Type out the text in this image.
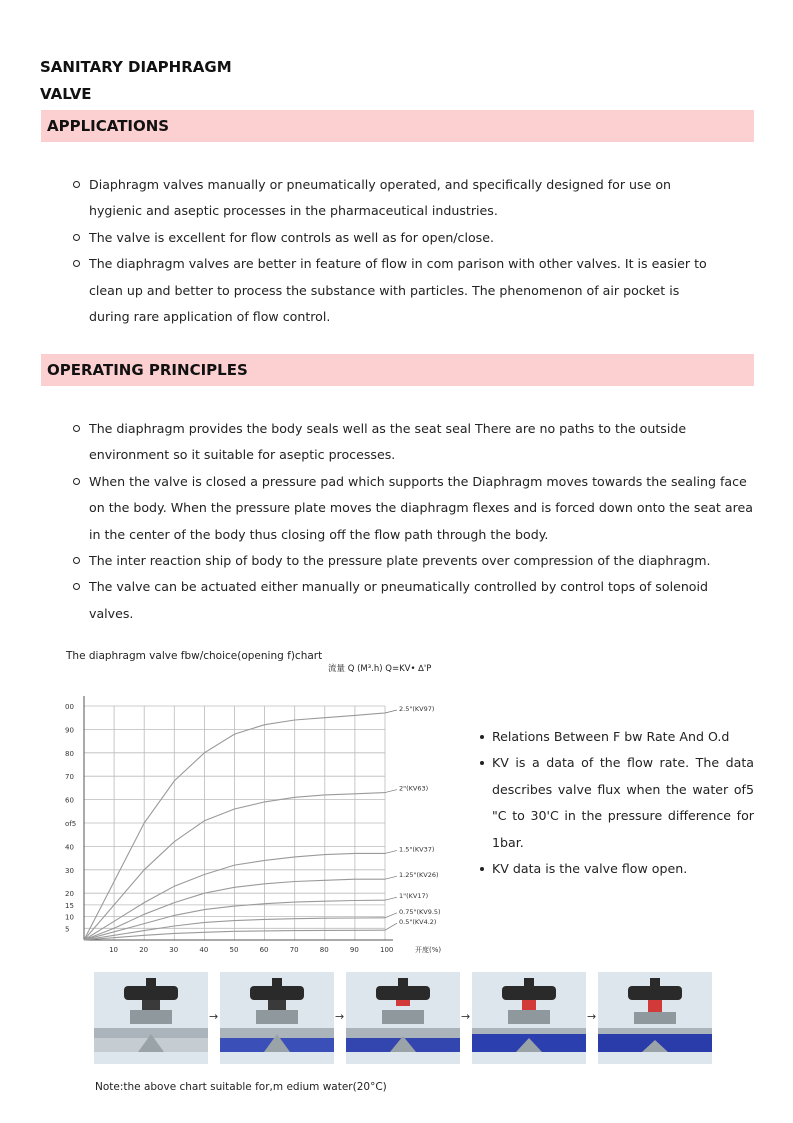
SANITARY DIAPHRAGM
VALVE
APPLICATIONS
Diaphragm valves manually or pneumatically operated, and specifically designed for use on hygienic and aseptic processes in the pharmaceutical industries.
The valve is excellent for flow controls as well as for open/close.
The diaphragm valves are better in feature of flow in com parison with other valves. It is easier to clean up and better to process the substance with particles. The phenomenon of air pocket is during rare application of flow control.
OPERATING PRINCIPLES
The diaphragm provides the body seals well as the seat seal There are no paths to the outside environment so it suitable for aseptic processes.
When the valve is closed a pressure pad which supports the Diaphragm moves towards the sealing face on the body. When the pressure plate moves the diaphragm flexes and is forced down onto the seat area in the center of the body thus closing off the flow path through the body.
The inter reaction ship of body to the pressure plate prevents over compression of the diaphragm.
The valve can be actuated either manually or pneumatically controlled by control tops of solenoid valves.
The diaphragm valve fbw/choice(opening f)chart
流量 Q (M³.h) Q=KV• ∆'P
00
90
80
70
60
of5
40
30
20
15
10
5
10	20	30	40	50	60	70	80	90	100	开度(%)
2.5"(KV97)
2"(KV63)
1.5"(KV37)
1.25"(KV26)
1"(KV17)
0.75"(KV9.5)
0.5"(KV4.2)
Relations Between F bw Rate And O.d
KV is a data of the flow rate. The data describes valve flux when the water of5 "C to 30'C in the pressure difference for 1bar.
KV data is the valve flow open.
→	→	→	→
Note:the above chart suitable for,m edium water(20°C)
